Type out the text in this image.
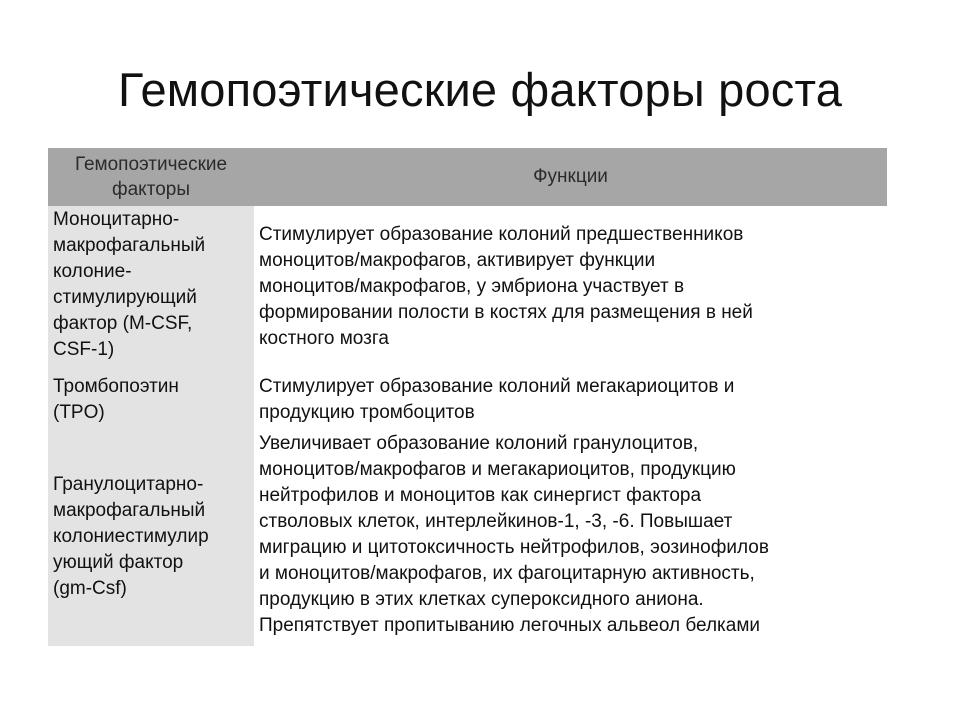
Гемопоэтические факторы роста
Гемопоэтические
факторы
Функции
Моноцитарно-
макрофагальный
колоние-
стимулирующий
фактор (M-CSF,
CSF-1)
Стимулирует образование колоний предшественников
моноцитов/макрофагов, активирует функции
моноцитов/макрофагов, у эмбриона участвует в
формировании полости в костях для размещения в ней
костного мозга
Тромбопоэтин
(TPO)
Стимулирует образование колоний мегакариоцитов и
продукцию тромбоцитов
Гранулоцитарно-
макрофагальный
колониестимулир
ующий фактор
(gm-Csf)
Увеличивает образование колоний гранулоцитов,
моноцитов/макрофагов и мегакариоцитов, продукцию
нейтрофилов и моноцитов как синергист фактора
стволовых клеток, интерлейкинов-1, -3, -6. Повышает
миграцию и цитотоксичность нейтрофилов, эозинофилов
и моноцитов/макрофагов, их фагоцитарную активность,
продукцию в этих клетках супероксидного аниона.
Препятствует пропитыванию легочных альвеол белками
